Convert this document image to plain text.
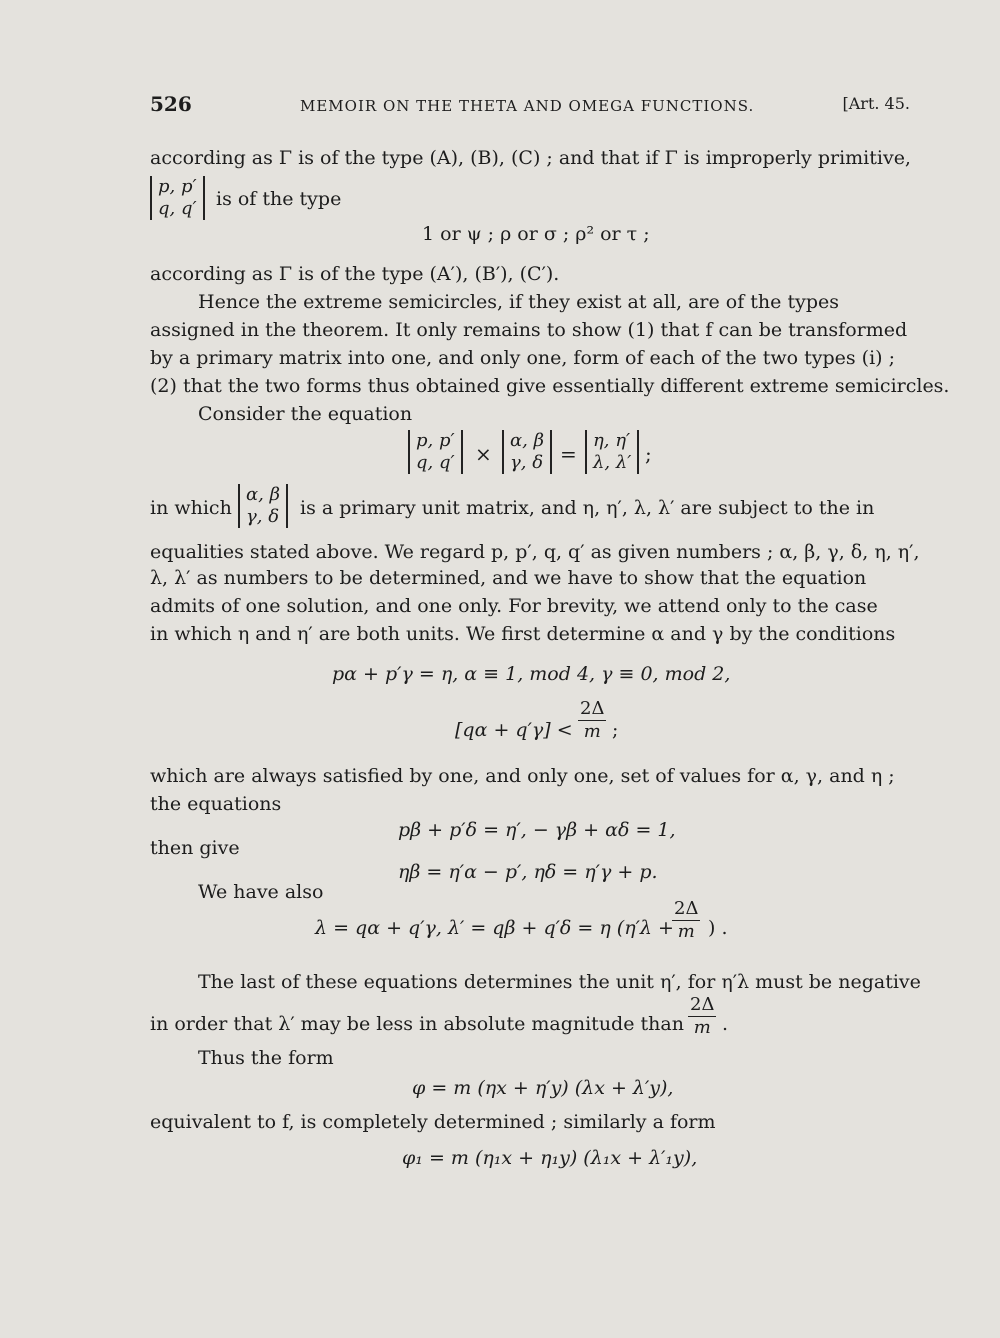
526	MEMOIR ON THE THETA AND OMEGA FUNCTIONS.	[Art. 45.
according as Γ is of the type (A), (B), (C) ; and that if Γ is improperly primitive,
p, p′
q, q′ is of the type
1 or ψ ; ρ or σ ; ρ² or τ ;
according as Γ is of the type (A′), (B′), (C′).
Hence the extreme semicircles, if they exist at all, are of the types
assigned in the theorem. It only remains to show (1) that f can be transformed
by a primary matrix into one, and only one, form of each of the two types (i) ;
(2) that the two forms thus obtained give essentially different extreme semicircles.
Consider the equation
p, p′
q, q′ ×
α, β
γ, δ =
η, η′
λ, λ′ ;
in which
α, β
γ, δ is a primary unit matrix, and η, η′, λ, λ′ are subject to the in
equalities stated above. We regard p, p′, q, q′ as given numbers ; α, β, γ, δ, η, η′,
λ, λ′ as numbers to be determined, and we have to show that the equation
admits of one solution, and one only. For brevity, we attend only to the case
in which η and η′ are both units. We first determine α and γ by the conditions
pα + p′γ = η, α ≡ 1, mod 4, γ ≡ 0, mod 2,
$[q\alpha + q'\gamma] < \frac{2\Delta}{m}$ ;
which are always satisfied by one, and only one, set of values for α, γ, and η ;
the equations
pβ + p′δ = η′, − γβ + αδ = 1,
then give
ηβ = η′α − p′, ηδ = η′γ + p.
We have also
λ = qα + q′γ, λ′ = qβ + q′δ = η (η′λ +
$\frac{2\Delta}{m}$ ) .
The last of these equations determines the unit η′, for η′λ must be negative
in order that λ′ may be less in absolute magnitude than $\frac{2\Delta}{m}$ .
Thus the form
φ = m (ηx + η′y) (λx + λ′y),
equivalent to f, is completely determined ; similarly a form
φ₁ = m (η₁x + η₁y) (λ₁x + λ′₁y),
